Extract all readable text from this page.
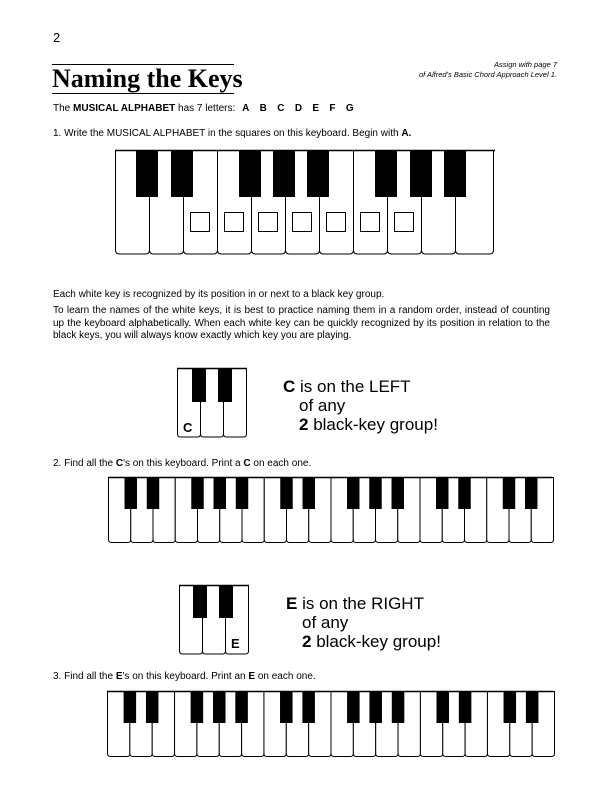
2
Naming the Keys	Assign with page 7
of Alfred's Basic Chord Approach Level 1.
The MUSICAL ALPHABET has 7 letters: A B C D E F G
1. Write the MUSICAL ALPHABET in the squares on this keyboard. Begin with A.
Each white key is recognized by its position in or next to a black key group.
To learn the names of the white keys, it is best to practice naming them in a random order, instead of counting up the keyboard alphabetically. When each white key can be quickly recognized by its position in relation to the black keys, you will always know exactly which key you are playing.
C
C is on the LEFT
of any
2 black-key group!
2. Find all the C's on this keyboard. Print a C on each one.
E
E is on the RIGHT
of any
2 black-key group!
3. Find all the E's on this keyboard. Print an E on each one.
